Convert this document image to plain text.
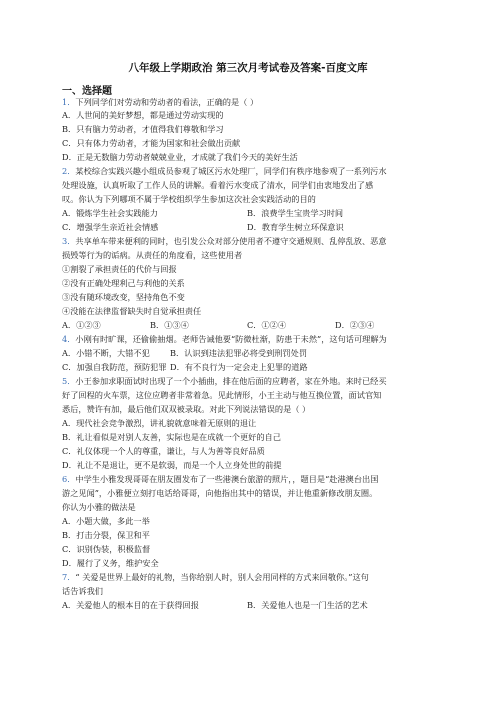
八年级上学期政治 第三次月考试卷及答案-百度文库
一、选择题
1．下列同学们对劳动和劳动者的看法，正确的是（ ）
A．人世间的美好梦想，都是通过劳动实现的
B．只有脑力劳动者，才值得我们尊敬和学习
C．只有体力劳动者，才能为国家和社会做出贡献
D．正是无数脑力劳动者兢兢业业，才成就了我们今天的美好生活
2．某校综合实践兴趣小组成员参观了城区污水处理厂，同学们有秩序地参观了一系列污水
处理设施，认真听取了工作人员的讲解。看着污水变成了清水，同学们由衷地发出了感
叹。你认为下列哪项不属于学校组织学生参加这次社会实践活动的目的
A．锻炼学生社会实践能力	B．浪费学生宝贵学习时间
C．增强学生亲近社会情感	D．教育学生树立环保意识
3．共享单车带来便利的同时，也引发公众对部分使用者不遵守交通规则、乱停乱放、恶意
损毁等行为的诟病。从责任的角度看，这些使用者
①割裂了承担责任的代价与回报
②没有正确处理利己与利他的关系
③没有随环境改变，坚持角色不变
④没能在法律监督缺失时自觉承担责任
A．①②③	B．①③④	C．①②④	D．②③④
4．小刚有时旷课，还偷偷抽烟。老师告诫他要“防微杜渐，防患于未然”，这句话可理解为
A．小错不断，大错不犯 B．认识到违法犯罪必将受到刑罚处罚
C．加强自我防范，预防犯罪 D．有不良行为一定会走上犯罪的道路
5．小王参加求职面试时出现了一个小插曲，排在他后面的应聘者，家在外地。来时已经买
好了回程的火车票，这位应聘者非常着急。见此情形，小王主动与他互换位置，面试官知
悉后，赞许有加，最后他们双双被录取。对此下列说法错误的是（ ）
A．现代社会竞争激烈，讲礼貌就意味着无原则的退让
B．礼让看似是对别人友善，实际也是在成就一个更好的自己
C．礼仪体现一个人的尊重，谦让，与人为善等良好品质
D．礼让不是退让，更不是软弱，而是一个人立身处世的前提
6．中学生小雅发现哥哥在朋友圈发布了一些港澳台旅游的照片，，题目是“赴港澳台出国
游之见闻”，小雅便立刻打电话给哥哥，向他指出其中的错误，并让他重新修改朋友圈。
你认为小雅的做法是
A．小题大做，多此一举
B．打击分裂，保卫和平
C．识别伪装，积极监督
D．履行了义务，维护安全
7．“ 关爱是世界上最好的礼物，当你给别人时，别人会用同样的方式来回敬你。”这句
话告诉我们
A．关爱他人的根本目的在于获得回报	B．关爱他人也是一门生活的艺术
